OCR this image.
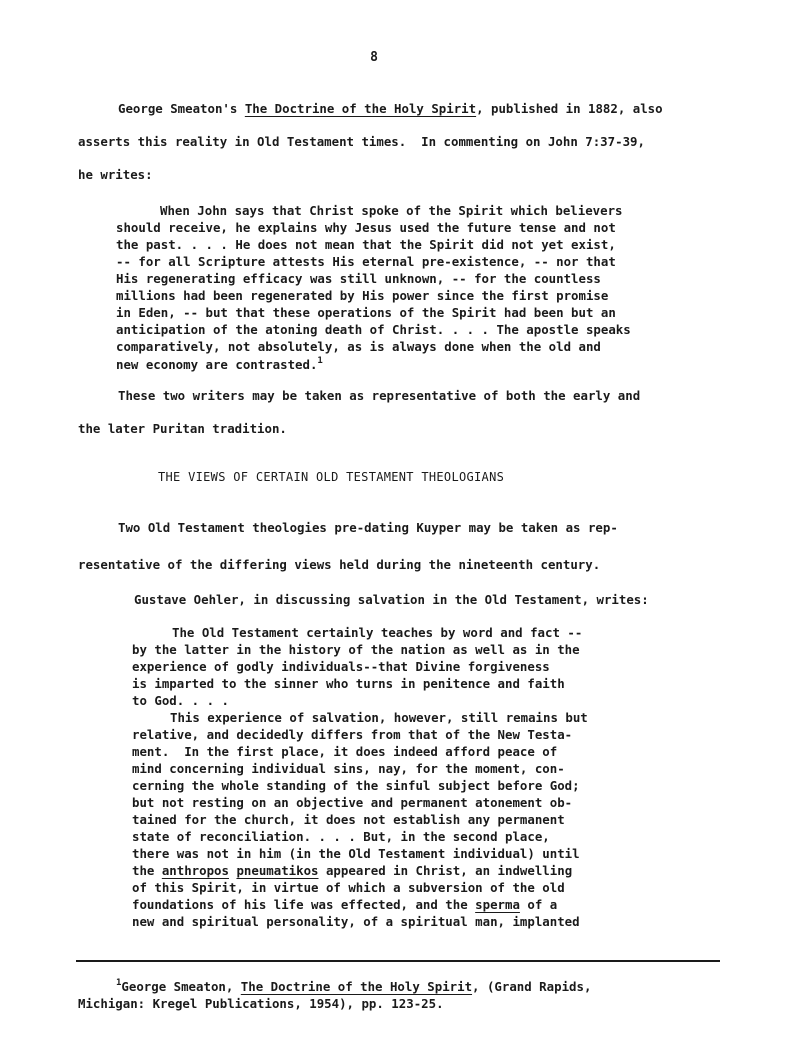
8
George Smeaton's The Doctrine of the Holy Spirit, published in 1882, also
asserts this reality in Old Testament times.  In commenting on John 7:37-39,
he writes:
When John says that Christ spoke of the Spirit which believers
should receive, he explains why Jesus used the future tense and not
the past. . . . He does not mean that the Spirit did not yet exist,
-- for all Scripture attests His eternal pre-existence, -- nor that
His regenerating efficacy was still unknown, -- for the countless
millions had been regenerated by His power since the first promise
in Eden, -- but that these operations of the Spirit had been but an
anticipation of the atoning death of Christ. . . . The apostle speaks
comparatively, not absolutely, as is always done when the old and
new economy are contrasted.$^1$
These two writers may be taken as representative of both the early and
the later Puritan tradition.
THE VIEWS OF CERTAIN OLD TESTAMENT THEOLOGIANS
Two Old Testament theologies pre-dating Kuyper may be taken as rep-
resentative of the differing views held during the nineteenth century.
Gustave Oehler, in discussing salvation in the Old Testament, writes:
The Old Testament certainly teaches by word and fact --
by the latter in the history of the nation as well as in the
experience of godly individuals--that Divine forgiveness
is imparted to the sinner who turns in penitence and faith
to God. . . .
This experience of salvation, however, still remains but
relative, and decidedly differs from that of the New Testa-
ment.  In the first place, it does indeed afford peace of
mind concerning individual sins, nay, for the moment, con-
cerning the whole standing of the sinful subject before God;
but not resting on an objective and permanent atonement ob-
tained for the church, it does not establish any permanent
state of reconciliation. . . . But, in the second place,
there was not in him (in the Old Testament individual) until
the anthropos pneumatikos appeared in Christ, an indwelling
of this Spirit, in virtue of which a subversion of the old
foundations of his life was effected, and the sperma of a
new and spiritual personality, of a spiritual man, implanted
$^1$George Smeaton, The Doctrine of the Holy Spirit, (Grand Rapids,
Michigan: Kregel Publications, 1954), pp. 123-25.
